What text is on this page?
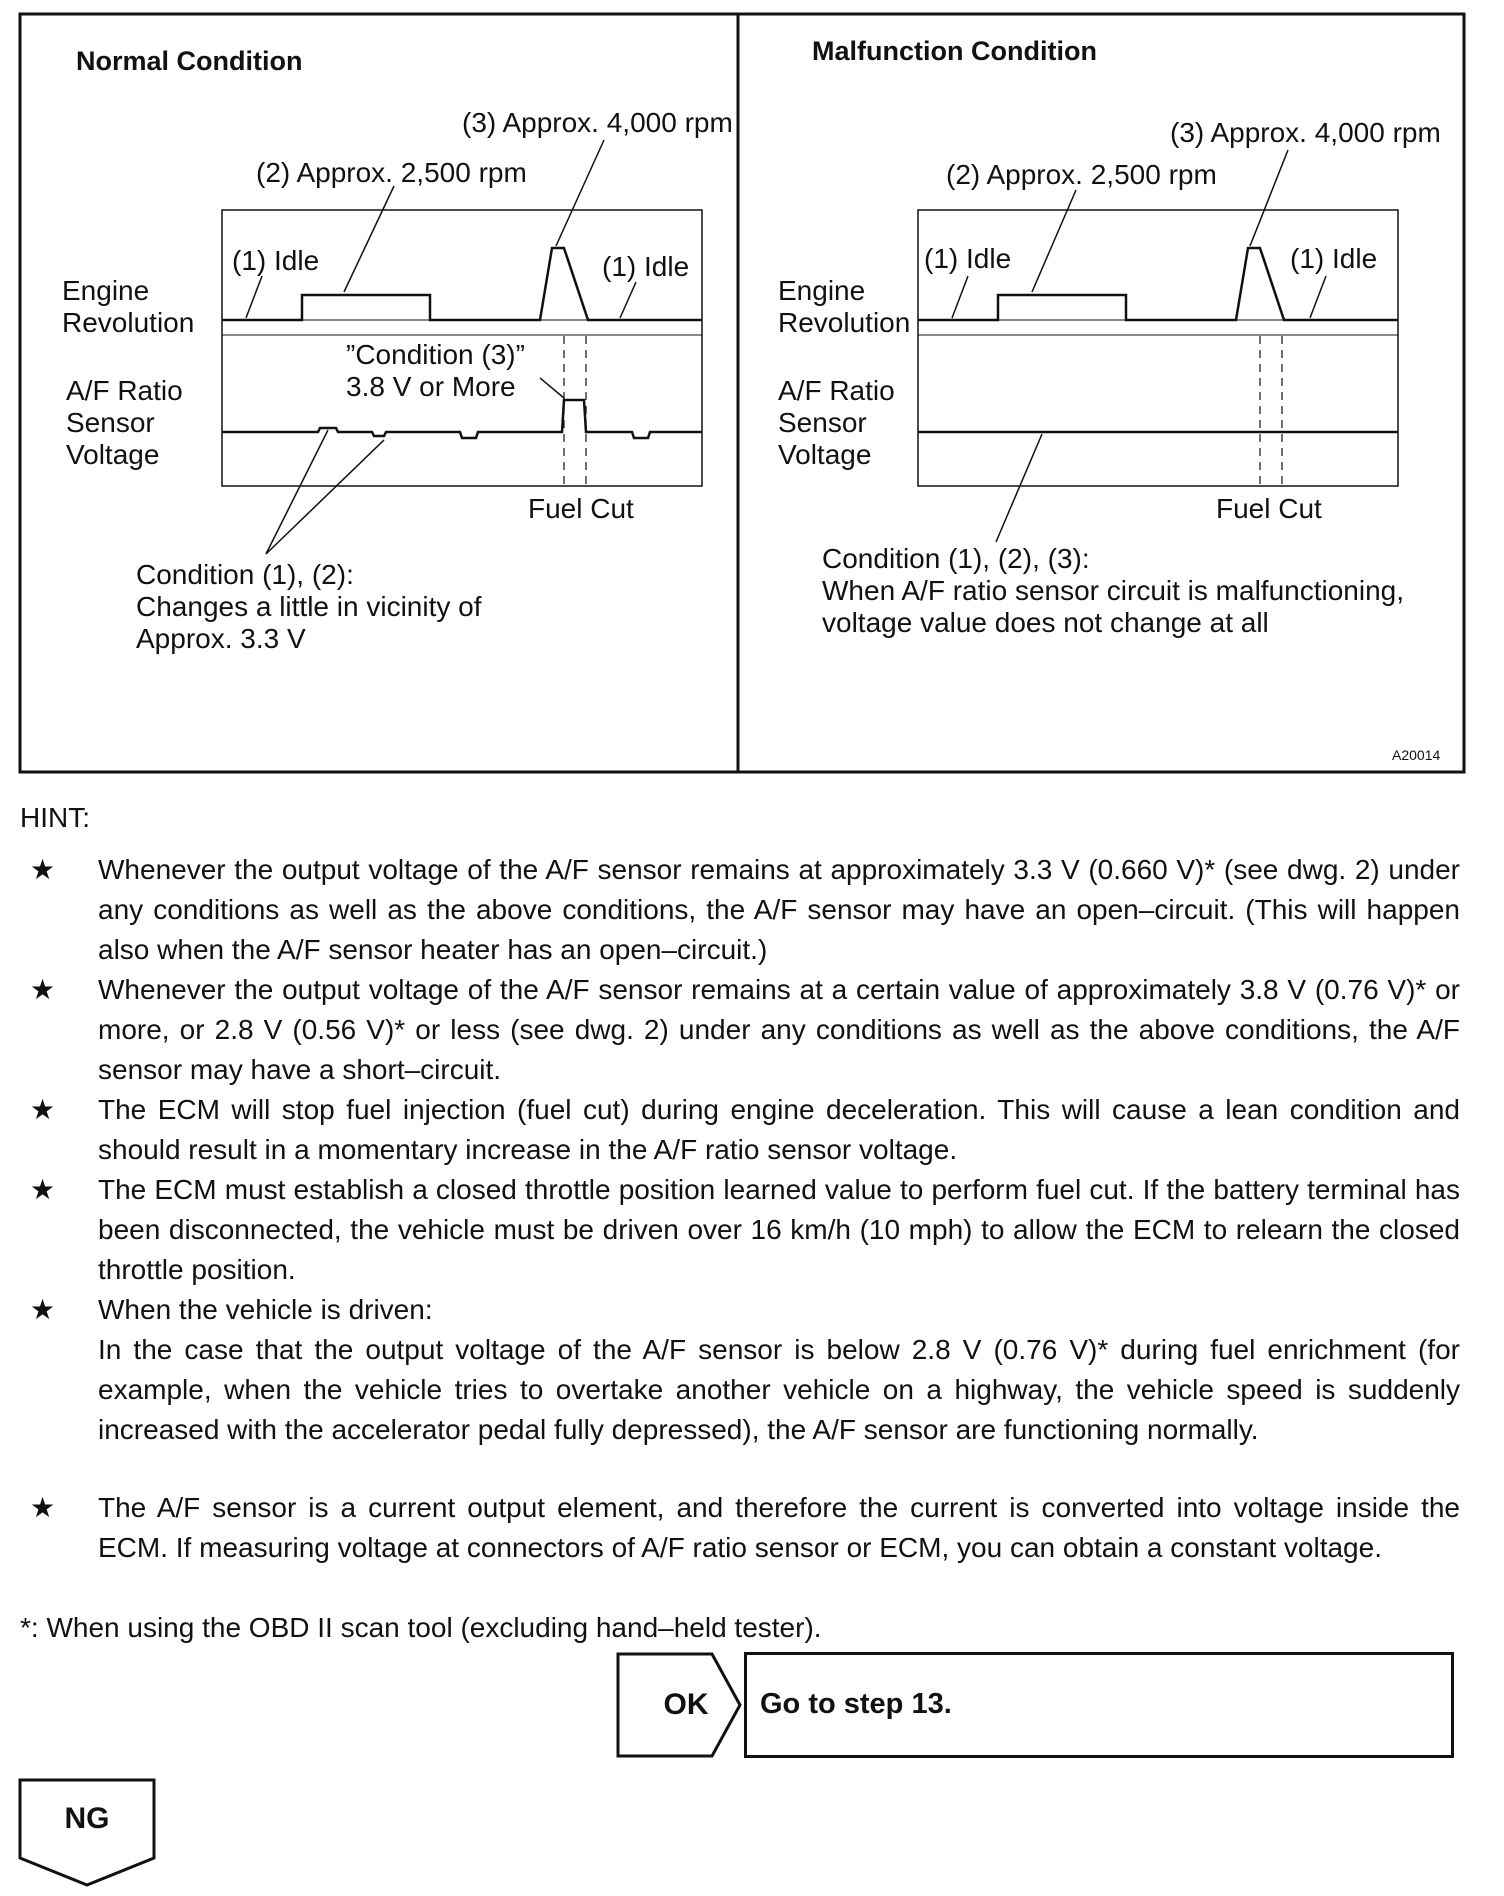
Normal Condition
(3) Approx. 4,000 rpm
(2) Approx. 2,500 rpm
(1) Idle	(1) Idle
Engine Revolution
A/F Ratio Sensor Voltage
”Condition (3)” 3.8 V or More
Fuel Cut
Condition (1), (2): Changes a little in vicinity of Approx. 3.3 V
Malfunction Condition
(3) Approx. 4,000 rpm
(2) Approx. 2,500 rpm
(1) Idle	(1) Idle
Engine Revolution
A/F Ratio Sensor Voltage
Fuel Cut
Condition (1), (2), (3): When A/F ratio sensor circuit is malfunctioning, voltage value does not change at all
A20014
HINT:
★	Whenever the output voltage of the A/F sensor remains at approximately 3.3 V (0.660 V)* (see dwg. 2) under any conditions as well as the above conditions, the A/F sensor may have an open–circuit. (This will happen also when the A/F sensor heater has an open–circuit.)
★	Whenever the output voltage of the A/F sensor remains at a certain value of approximately 3.8 V (0.76 V)* or more, or 2.8 V (0.56 V)* or less (see dwg. 2) under any conditions as well as the above conditions, the A/F sensor may have a short–circuit.
★	The ECM will stop fuel injection (fuel cut) during engine deceleration. This will cause a lean condition and should result in a momentary increase in the A/F ratio sensor voltage.
★	The ECM must establish a closed throttle position learned value to perform fuel cut. If the battery terminal has been disconnected, the vehicle must be driven over 16 km/h (10 mph) to allow the ECM to relearn the closed throttle position.
★	When the vehicle is driven:
In the case that the output voltage of the A/F sensor is below 2.8 V (0.76 V)* during fuel enrichment (for example, when the vehicle tries to overtake another vehicle on a highway, the vehicle speed is suddenly increased with the accelerator pedal fully depressed), the A/F sensor are functioning normally.
★	The A/F sensor is a current output element, and therefore the current is converted into voltage inside the ECM. If measuring voltage at connectors of A/F ratio sensor or ECM, you can obtain a constant voltage.
*: When using the OBD II scan tool (excluding hand–held tester).
OK	Go to step 13.
NG
